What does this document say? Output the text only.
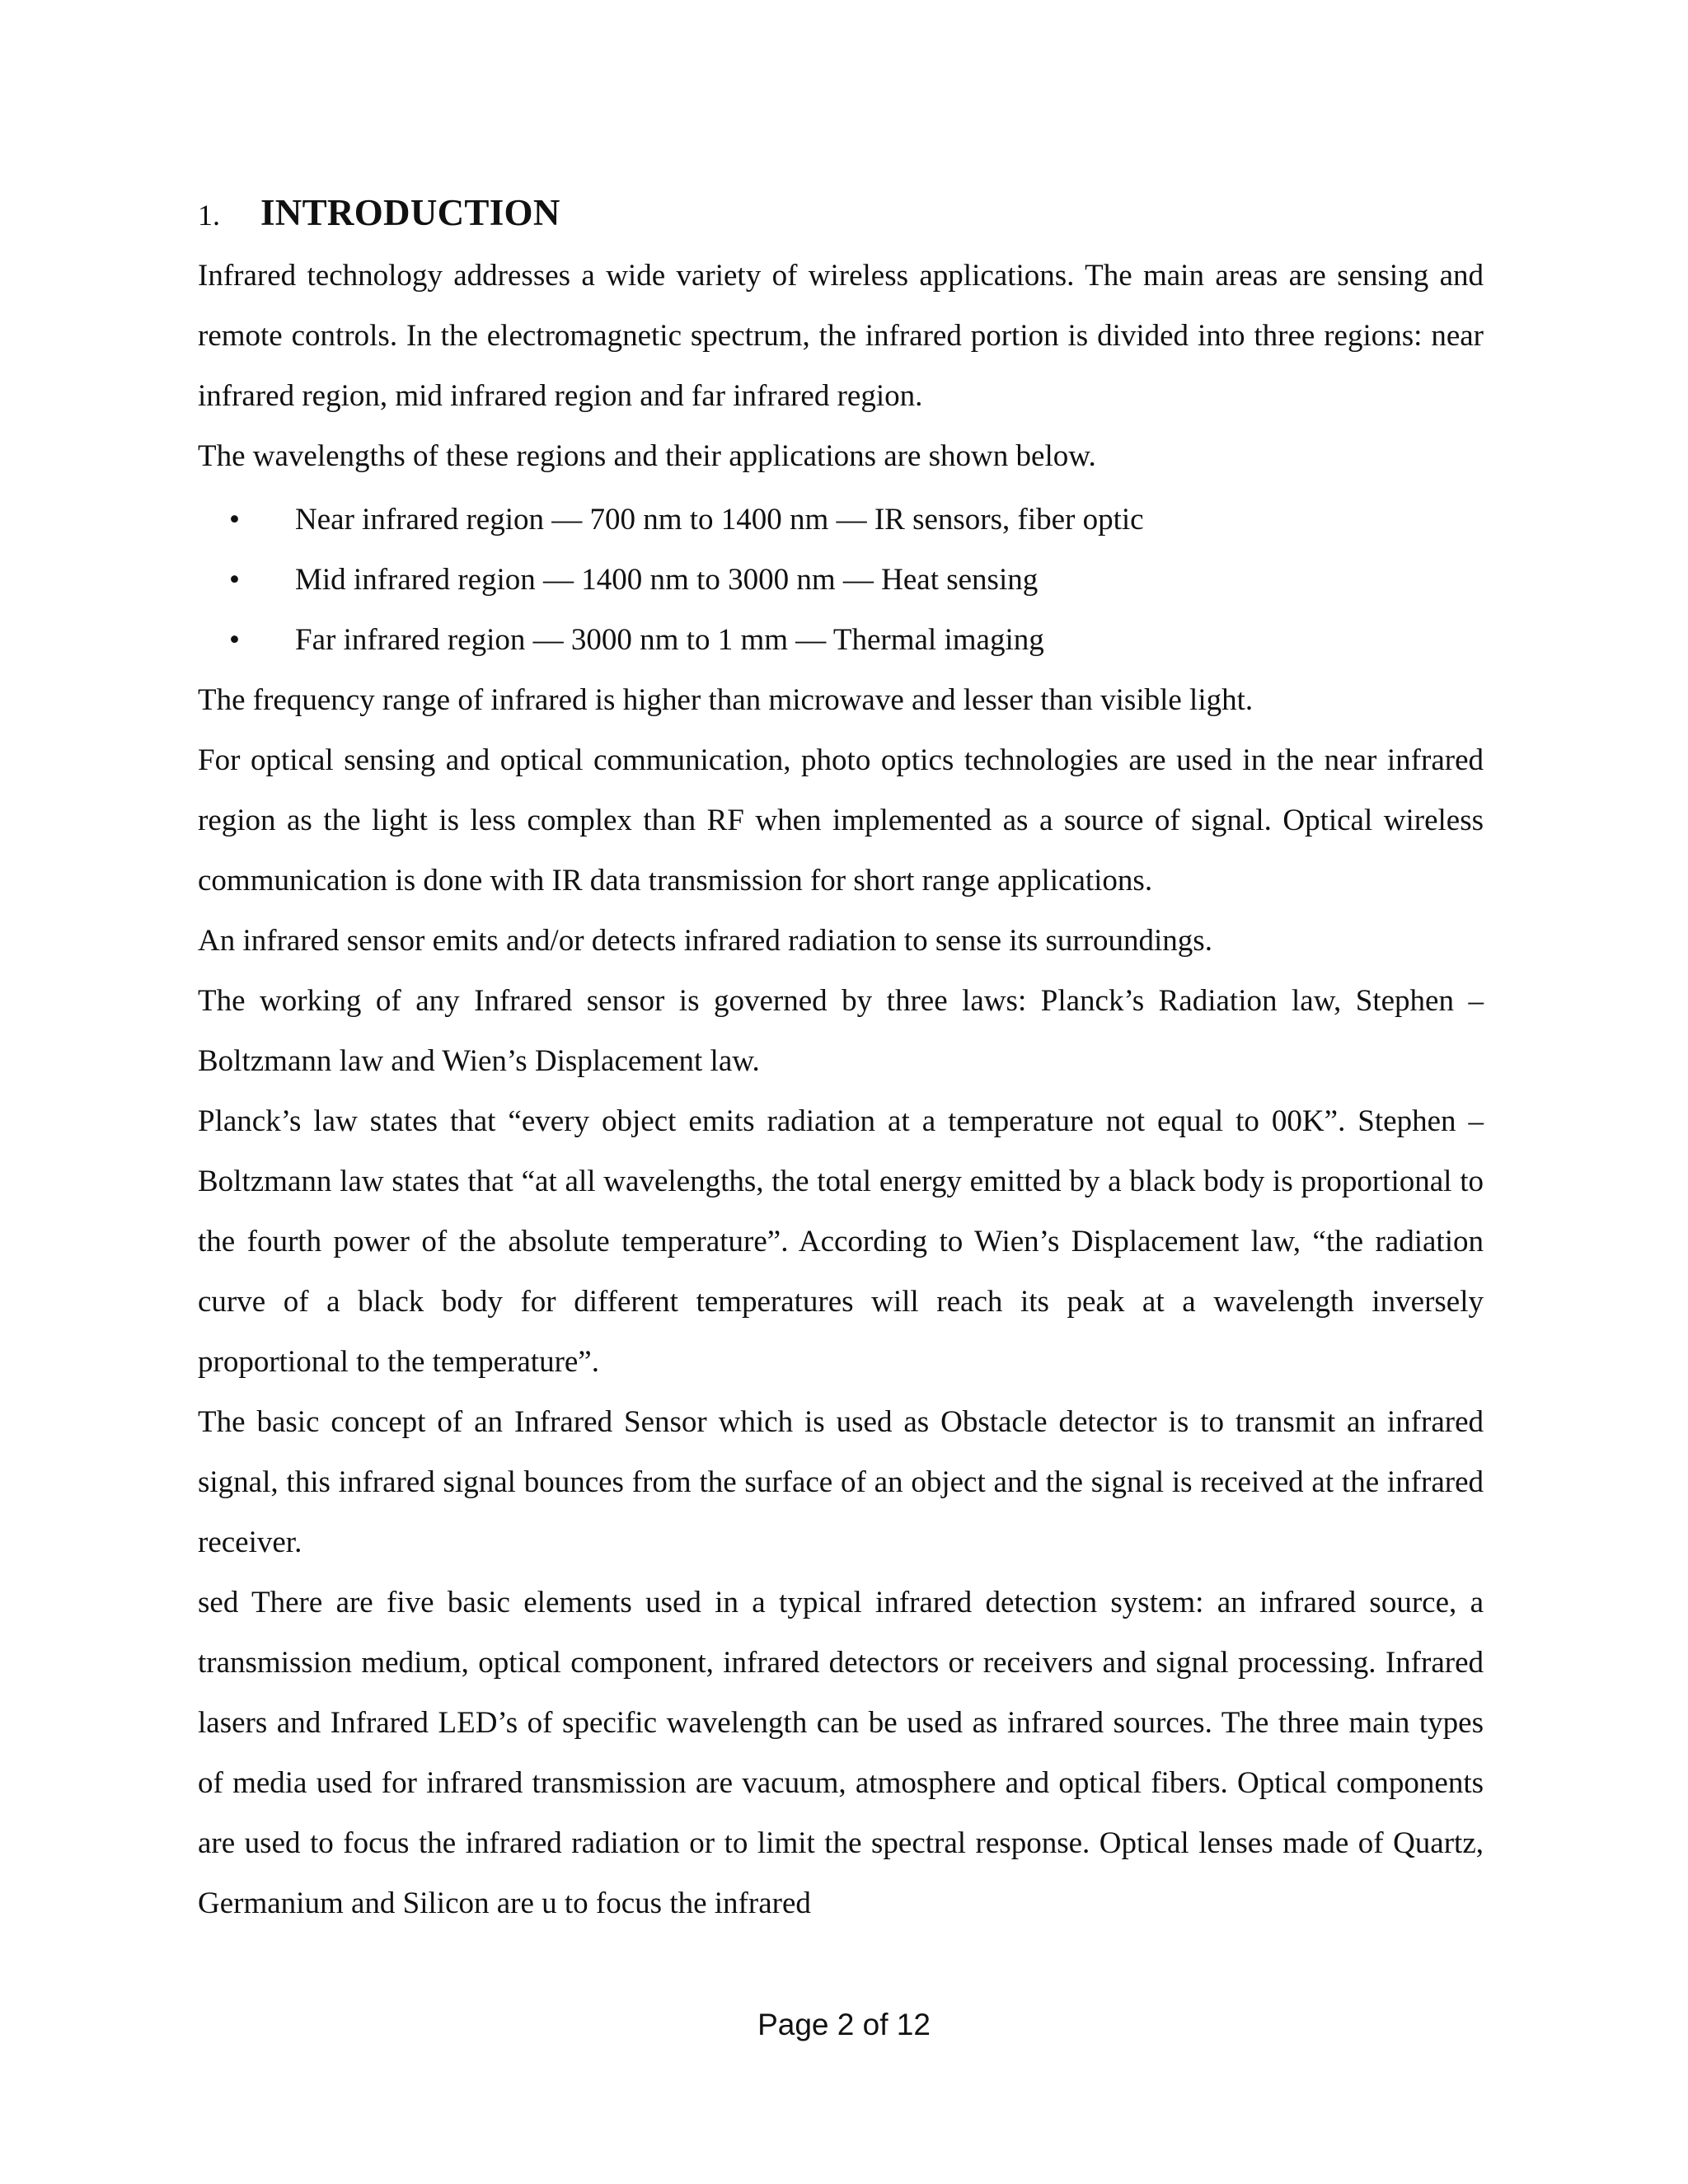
1.	INTRODUCTION

Infrared technology addresses a wide variety of wireless applications. The main areas are sensing and remote controls. In the electromagnetic spectrum, the infrared portion is divided into three regions: near infrared region, mid infrared region and far infrared region.

The wavelengths of these regions and their applications are shown below.

•	Near infrared region — 700 nm to 1400 nm — IR sensors, fiber optic
•	Mid infrared region — 1400 nm to 3000 nm — Heat sensing
•	Far infrared region — 3000 nm to 1 mm — Thermal imaging

The frequency range of infrared is higher than microwave and lesser than visible light.

For optical sensing and optical communication, photo optics technologies are used in the near infrared region as the light is less complex than RF when implemented as a source of signal. Optical wireless communication is done with IR data transmission for short range applications.

An infrared sensor emits and/or detects infrared radiation to sense its surroundings.

The working of any Infrared sensor is governed by three laws: Planck’s Radiation law, Stephen – Boltzmann law and Wien’s Displacement law.

Planck’s law states that “every object emits radiation at a temperature not equal to 00K”. Stephen – Boltzmann law states that “at all wavelengths, the total energy emitted by a black body is proportional to the fourth power of the absolute temperature”. According to Wien’s Displacement law, “the radiation curve of a black body for different temperatures will reach its peak at a wavelength inversely proportional to the temperature”.

The basic concept of an Infrared Sensor which is used as Obstacle detector is to transmit an infrared signal, this infrared signal bounces from the surface of an object and the signal is received at the infrared receiver.

sed There are five basic elements used in a typical infrared detection system: an infrared source, a transmission medium, optical component, infrared detectors or receivers and signal processing. Infrared lasers and Infrared LED’s of specific wavelength can be used as infrared sources. The three main types of media used for infrared transmission are vacuum, atmosphere and optical fibers. Optical components are used to focus the infrared radiation or to limit the spectral response. Optical lenses made of Quartz, Germanium and Silicon are u to focus the infrared

Page 2 of 12
